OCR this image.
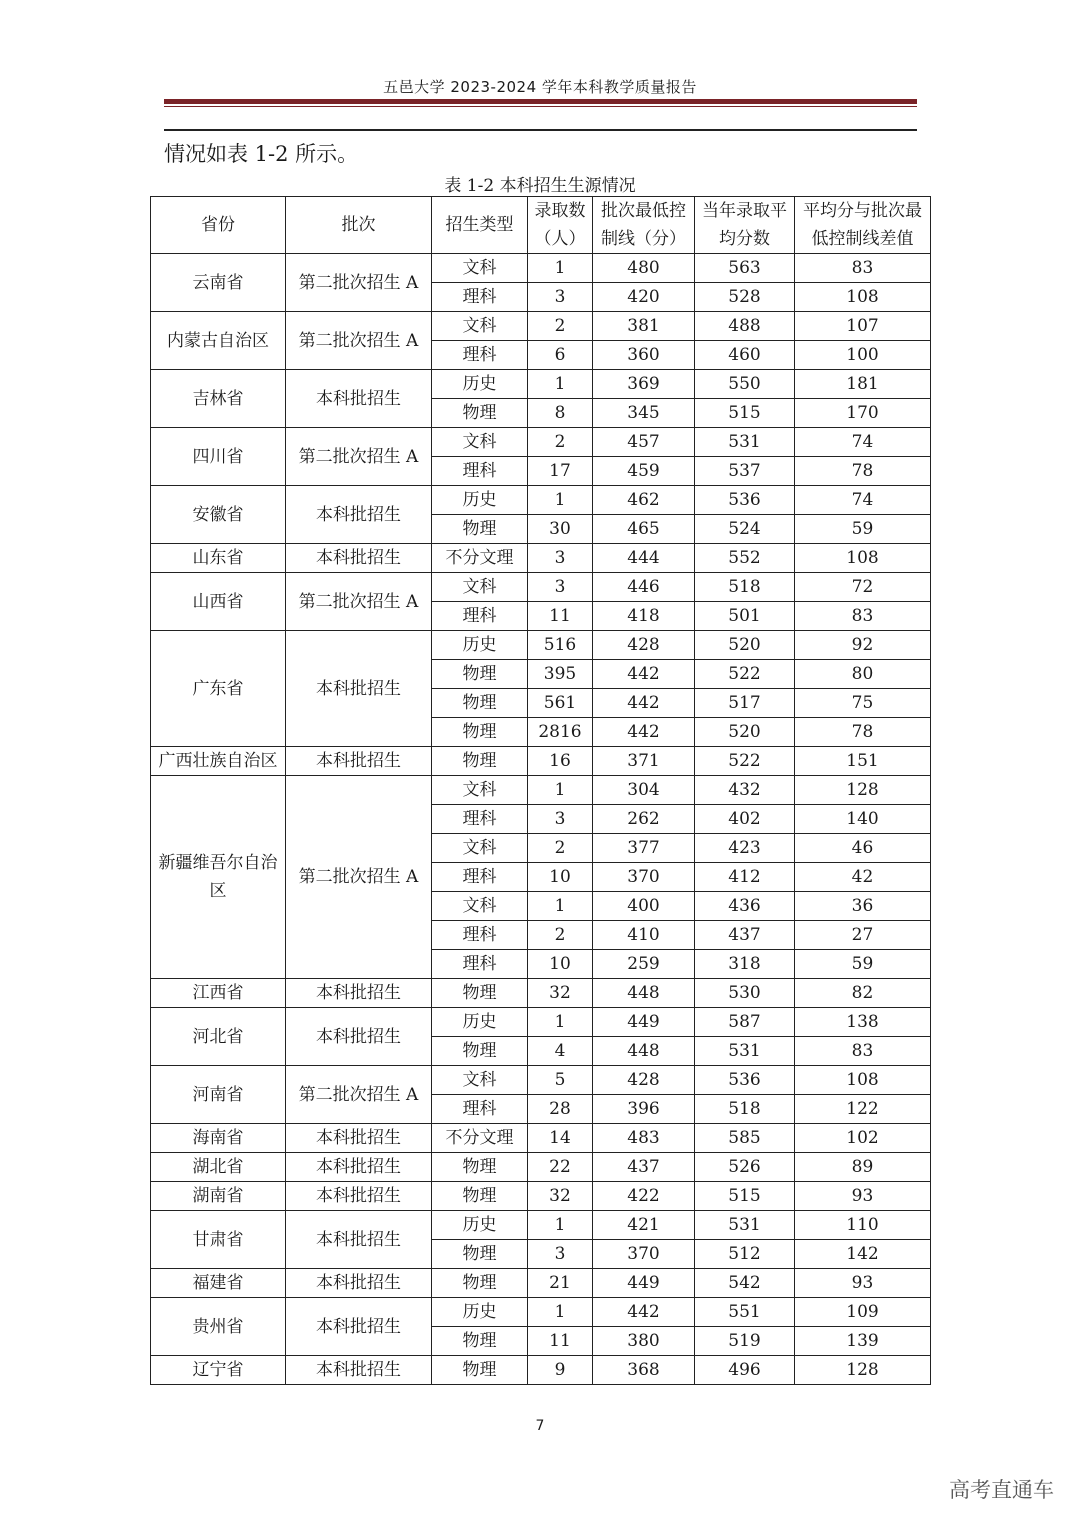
五邑大学 2023-2024 学年本科教学质量报告
情况如表 1-2 所示。
表 1-2 本科招生生源情况
省份	批次	招生类型	录取数（人）	批次最低控制线（分）	当年录取平均分数	平均分与批次最低控制线差值
云南省	第二批次招生 A	文科	1	480	563	83
		理科	3	420	528	108
内蒙古自治区	第二批次招生 A	文科	2	381	488	107
		理科	6	360	460	100
吉林省	本科批招生	历史	1	369	550	181
		物理	8	345	515	170
四川省	第二批次招生 A	文科	2	457	531	74
		理科	17	459	537	78
安徽省	本科批招生	历史	1	462	536	74
		物理	30	465	524	59
山东省	本科批招生	不分文理	3	444	552	108
山西省	第二批次招生 A	文科	3	446	518	72
		理科	11	418	501	83
广东省	本科批招生	历史	516	428	520	92
		物理	395	442	522	80
		物理	561	442	517	75
		物理	2816	442	520	78
广西壮族自治区	本科批招生	物理	16	371	522	151
新疆维吾尔自治区	第二批次招生 A	文科	1	304	432	128
		理科	3	262	402	140
		文科	2	377	423	46
		理科	10	370	412	42
		文科	1	400	436	36
		理科	2	410	437	27
		理科	10	259	318	59
江西省	本科批招生	物理	32	448	530	82
河北省	本科批招生	历史	1	449	587	138
		物理	4	448	531	83
河南省	第二批次招生 A	文科	5	428	536	108
		理科	28	396	518	122
海南省	本科批招生	不分文理	14	483	585	102
湖北省	本科批招生	物理	22	437	526	89
湖南省	本科批招生	物理	32	422	515	93
甘肃省	本科批招生	历史	1	421	531	110
		物理	3	370	512	142
福建省	本科批招生	物理	21	449	542	93
贵州省	本科批招生	历史	1	442	551	109
		物理	11	380	519	139
辽宁省	本科批招生	物理	9	368	496	128
7
高考直通车
